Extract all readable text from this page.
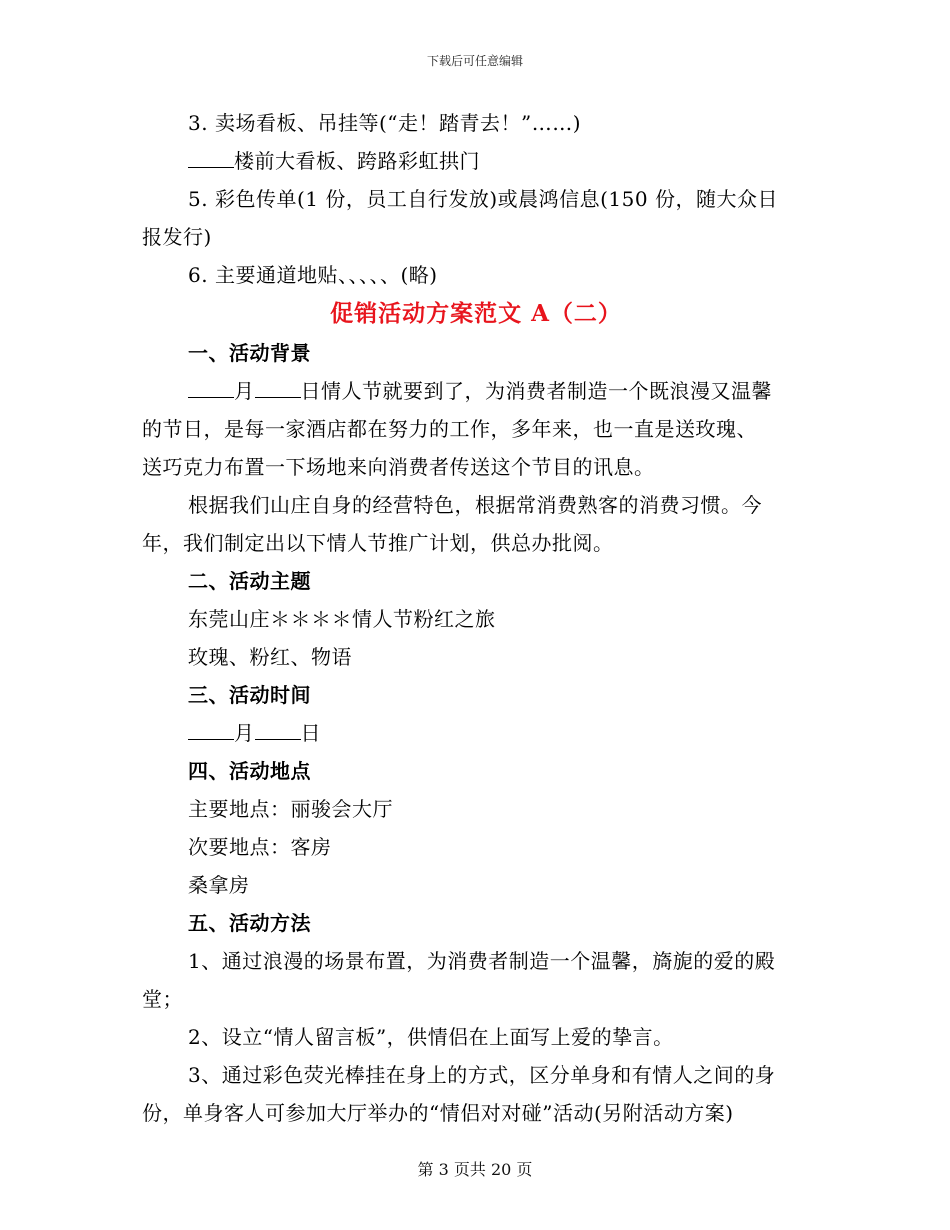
下载后可任意编辑
3. 卖场看板、吊挂等(“走！踏青去！”……)
楼前大看板、跨路彩虹拱门
5. 彩色传单(1 份，员工自行发放)或晨鸿信息(150 份，随大众日
报发行)
6. 主要通道地贴、、、、、(略)
促销活动方案范文 A（二）
一、活动背景
月 日情人节就要到了，为消费者制造一个既浪漫又温馨
的节日，是每一家酒店都在努力的工作，多年来，也一直是送玫瑰、
送巧克力布置一下场地来向消费者传送这个节目的讯息。
根据我们山庄自身的经营特色，根据常消费熟客的消费习惯。今
年，我们制定出以下情人节推广计划，供总办批阅。
二、活动主题
东莞山庄＊＊＊＊情人节粉红之旅
玫瑰、粉红、物语
三、活动时间
月 日
四、活动地点
主要地点：丽骏会大厅
次要地点：客房
桑拿房
五、活动方法
1、通过浪漫的场景布置，为消费者制造一个温馨，旖旎的爱的殿
堂；
2、设立“情人留言板”，供情侣在上面写上爱的挚言。
3、通过彩色荧光棒挂在身上的方式，区分单身和有情人之间的身
份，单身客人可参加大厅举办的“情侣对对碰”活动(另附活动方案)
第 3 页共 20 页
